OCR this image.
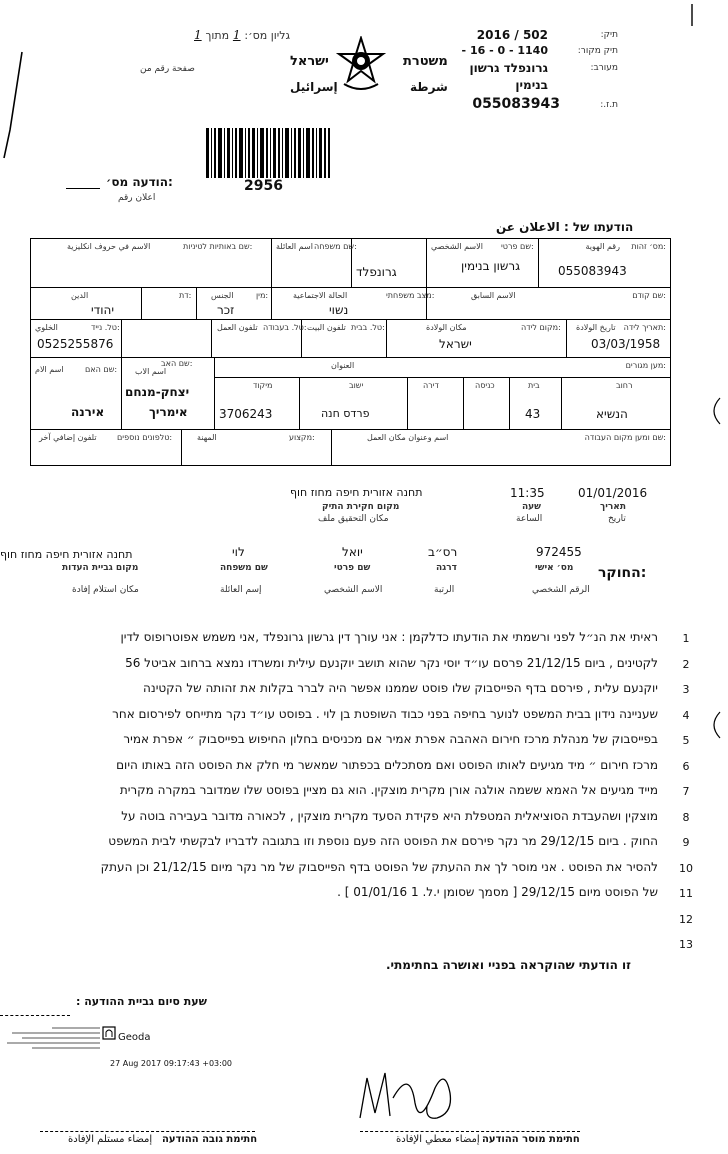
תיק:
502 / 2016
תיק מקור:
1140 - 0 - 16 -
מעורב:
גרונפלד גרשון
בנימין
ת.ז.:
055083943
משטרת
ישראל
شرطة
إسرائيل
גליון מס׳: 1 מתוך 1
صفحة رقم من
2956
הודעה מס׳:
اعلان رقم
הודעתו של : الاعلان عن
מס׳ זהות:
رقم الهوية
055083943
שם פרטי:
الاسم الشخصي
גרשון בנימין
שם משפחה:
اسم العائلة
גרונפלד
שם באותיות לטיניות:
الاسم في حروف انكليزية
שם קודם:
الاسم السابق
מצב משפחתי:
الحالة الاجتماعية
נשוי
מין:
الجنس
זכר
דת:
الدين
יהודי
תאריך לידה:
تاريخ الولادة
03/03/1958
מקום לידה:
مكان الولادة
ישראל
טל. בבית:
تلفون البيت
טל. בעבודה:
تلفون العمل
טל. נייד:
الخلوي
0525255876
מען מגורים:
العنوان
שם האב:
اسم الاب
יצחק-מנחם
שם האם:
اسم الام
אירנה	אימריך
רחוב
הנשיא
בית
43
כניסה
דירה
ישוב
פרדס חנה
מיקוד
3706243
שם ומען מקום העבודה:
اسم وعنوان مكان العمل
מקצוע:
المهنة
טלפונים נוספים:
تلفون إضافي آخر
01/01/2016
11:35
תחנה אזורית חיפה מחוז חוף
תאריך
تاريخ
שעה
الساعة
מקום חקירת התיק
مكان التحقيق ملف
החוקר:
972455
רס״ב
יואל
לוי
תחנה אזורית חיפה מחוז חוף
מס׳ אישי
الرقم الشخصي
דרגה
الرتبة
שם פרטי
الاسم الشخصي
שם משפחה
إسم العائلة
מקום גביית העדות
مكان استلام إفادة
1
ראיתי את הנ״ל לפני ורשמתי את הודעתו כדלקמן : אני עורך דין גרשון גרונפלד ,אני משמש אפוטרופוס לדין
2
לקטינים , ביום 21/12/15 פרסם עו״ד יוסי נקר שהוא תושב יוקנעם עילית ומשרדו נמצא ברחוב אביטל 56
3
יוקנעם עלית , פירסם בדף הפייסבוק שלו פוסט שממנו אפשר היה לברר בקלות את זהותה של הקטינה
4
שעניינה נידון בבית המשפט לנוער בחיפה בפני כבוד השופטת בן לוי . בפוסט עו״ד נקר מתייחס לפירסום אחר
5
בפייסבוק של מנהלת מרכז חירום האהבה אפרת אמיר אם מכניסים בחלון החיפוש בפייסבוק ״ אפרת אמיר
6
מרכז חירום ״ מיד מגיעים לאותו הפוסט ואם מסתכלים בכפתור שמאשר מי חלק את הפוסט הזה באותו היום
7
מייד מגיעים אל האמא ששמה אולגה אורן מקרית מוצקין. הוא גם מציין בפוסט שלו שמדובר במקרה מקרית
8
מוצקין ושהעבדת הסוציאלית המטפלת היא פקידת הסעד מקרית מוצקין , לכאורה מדובר בעבירה בוטה על
9
החוק . ביום 29/12/15 מר נקר פירסם את הפוסט הזה פעם נוספת וזו בתגובה לדבריו לבקשתי לבית המשפט
10
להסיר את הפוסט . אני מוסר לך את ההעתק של הפוסט בדף הפייסבוק של מר נקר מיום 21/12/15 וכן העתק
11
של הפוסט מיום 29/12/15 [ מסמך שסומן י.ל. 1 01/01/16 ] .
12
13
זו הודעתי שהוקראה בפניי ואושרה בחתימתי.
שעת סיום גביית ההודעה :
Geoda
27 Aug 2017 09:17:43 +03:00
חתימת גובה ההודעה
إمضاء مستلم الإفادة	חתימת מוסר ההודעה
إمضاء معطي الإفادة
